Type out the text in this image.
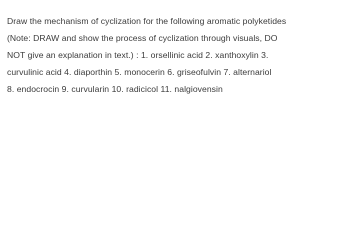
Draw the mechanism of cyclization for the following aromatic polyketides
(Note: DRAW and show the process of cyclization through visuals, DO
NOT give an explanation in text.) : 1. orsellinic acid 2. xanthoxylin 3.
curvulinic acid 4. diaporthin 5. monocerin 6. griseofulvin 7. alternariol
8. endocrocin 9. curvularin 10. radicicol 11. nalgiovensin
